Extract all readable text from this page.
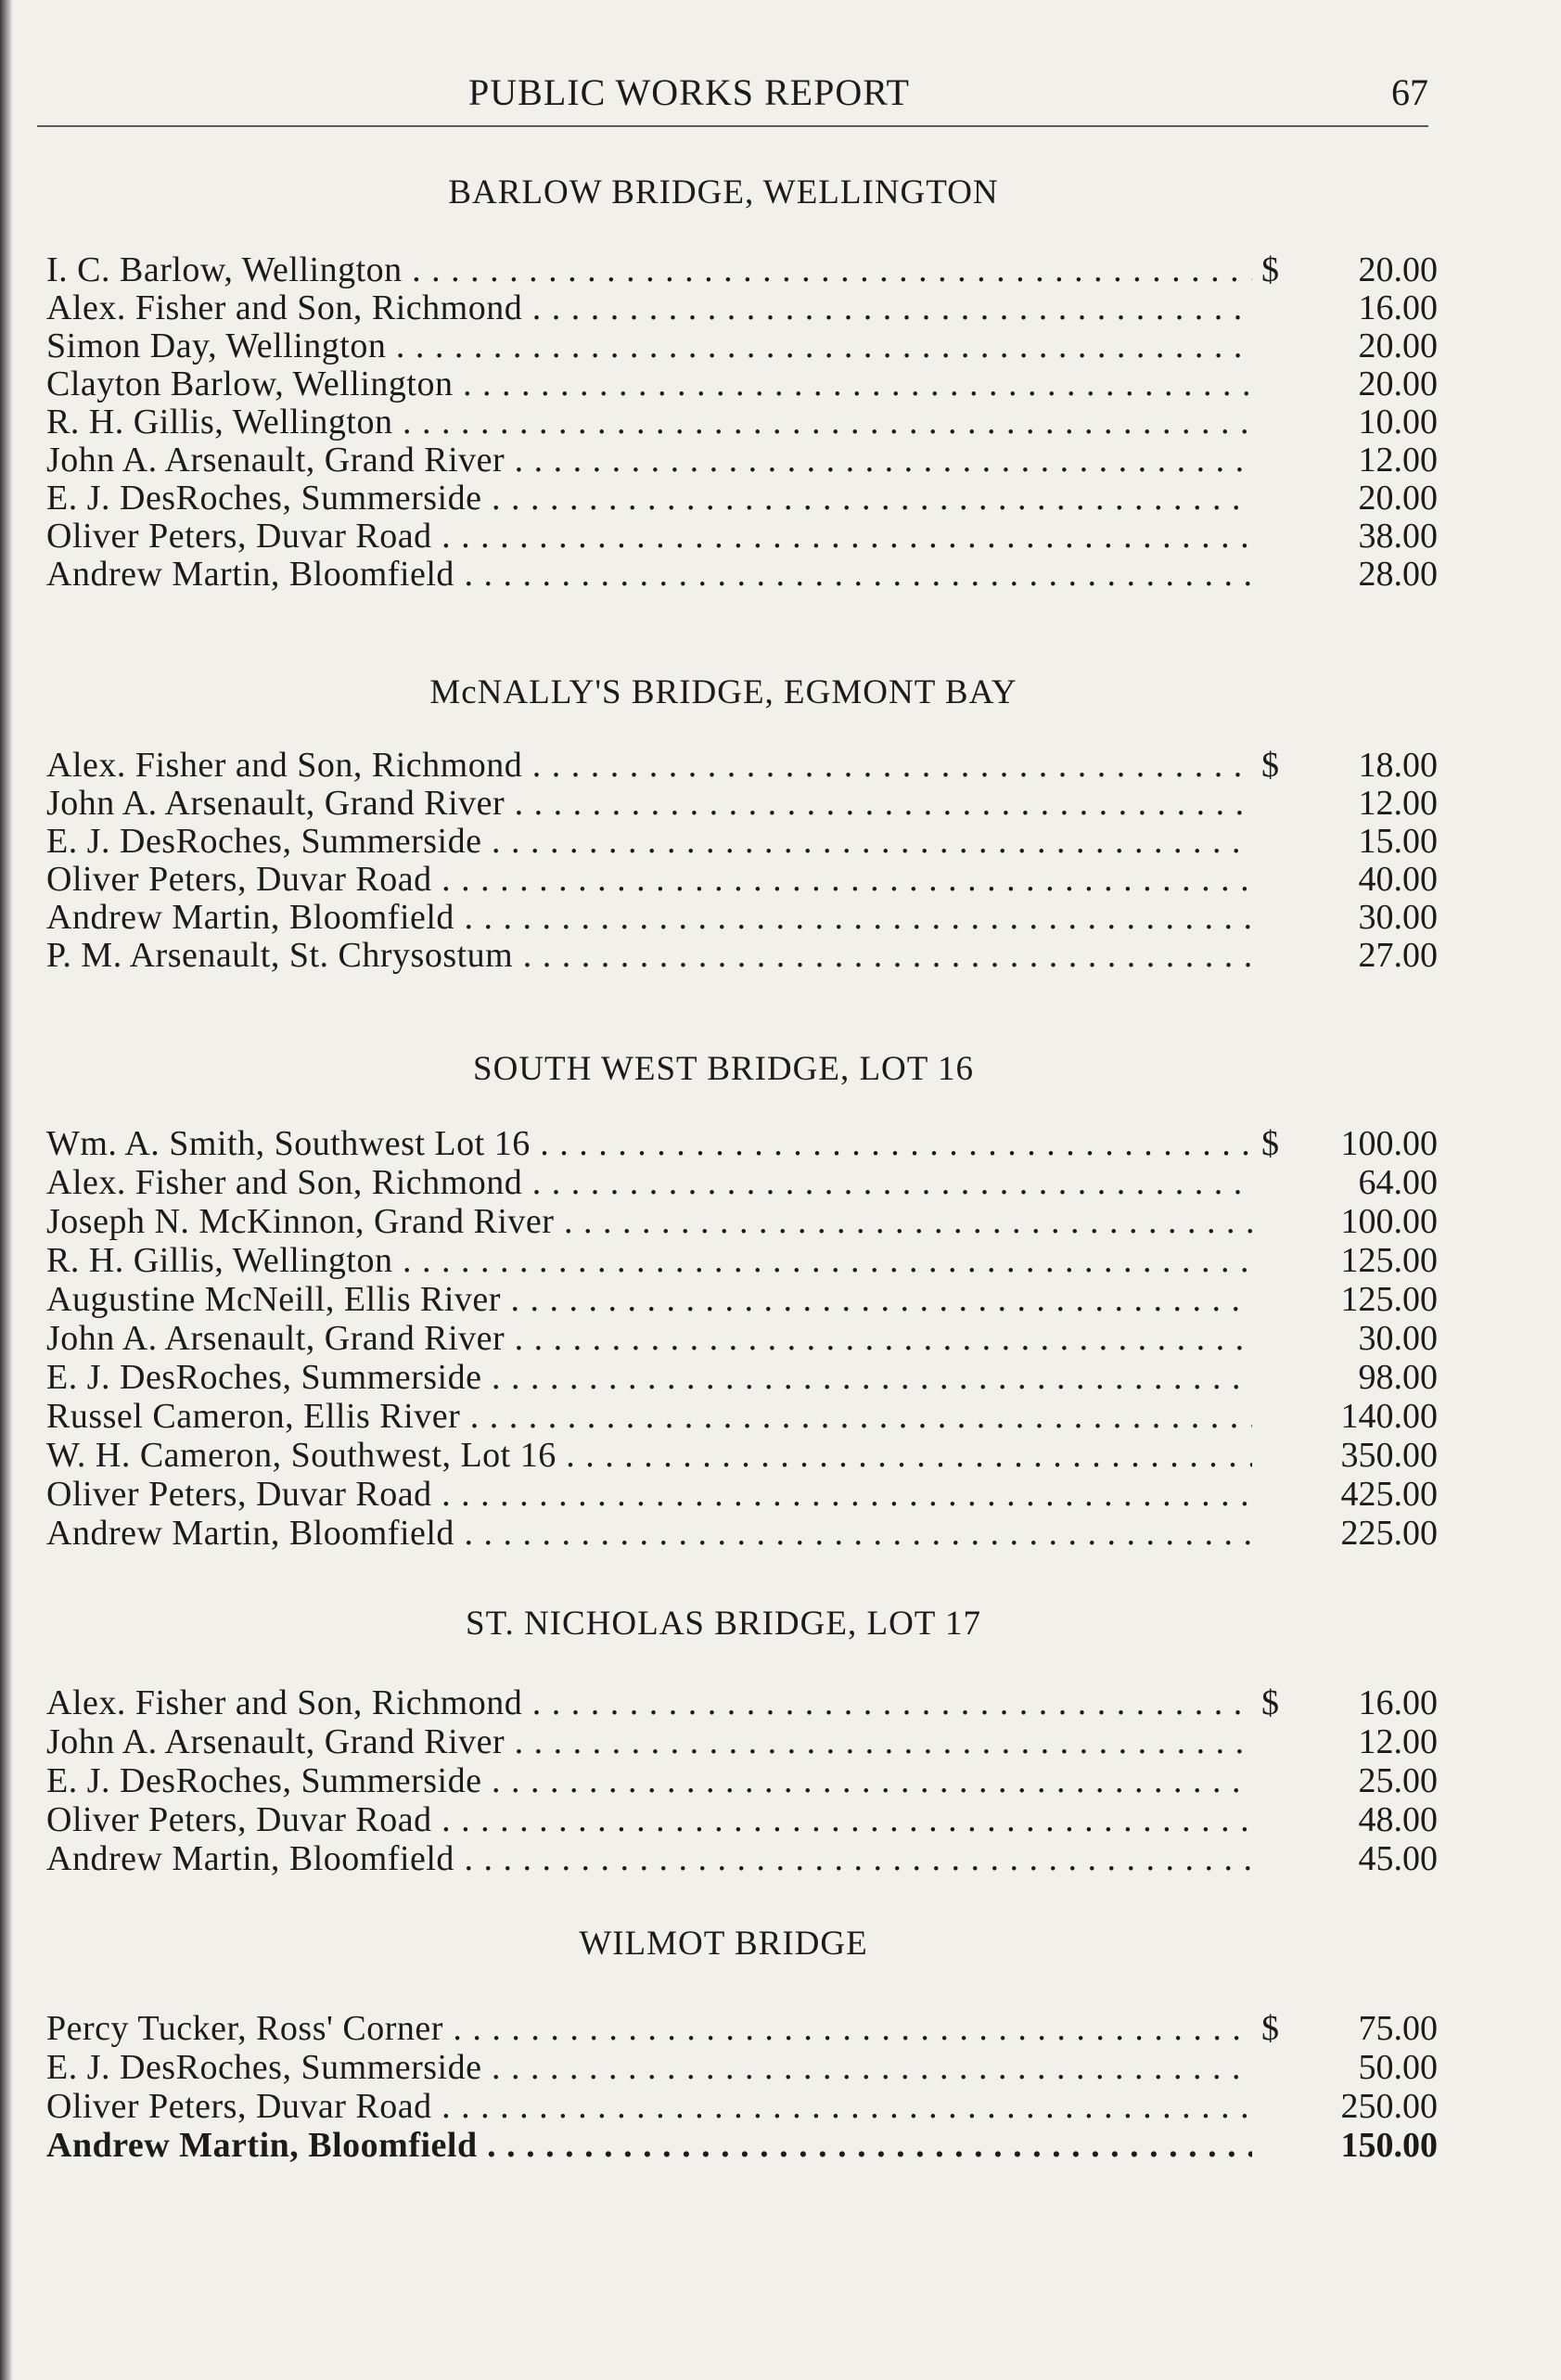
PUBLIC WORKS REPORT	67
BARLOW BRIDGE, WELLINGTON
I. C. Barlow, Wellington . . .	$	20.00
Alex. Fisher and Son, Richmond . . .	16.00
Simon Day, Wellington . . .	20.00
Clayton Barlow, Wellington . . .	20.00
R. H. Gillis, Wellington . . .	10.00
John A. Arsenault, Grand River . . .	12.00
E. J. DesRoches, Summerside . . .	20.00
Oliver Peters, Duvar Road . . .	38.00
Andrew Martin, Bloomfield . . .	28.00
McNALLY'S BRIDGE, EGMONT BAY
Alex. Fisher and Son, Richmond . . .	$	18.00
John A. Arsenault, Grand River . . .	12.00
E. J. DesRoches, Summerside . . .	15.00
Oliver Peters, Duvar Road . . .	40.00
Andrew Martin, Bloomfield . . .	30.00
P. M. Arsenault, St. Chrysostum . . .	27.00
SOUTH WEST BRIDGE, LOT 16
Wm. A. Smith, Southwest Lot 16 . . .	$	100.00
Alex. Fisher and Son, Richmond . . .	64.00
Joseph N. McKinnon, Grand River . . .	100.00
R. H. Gillis, Wellington . . .	125.00
Augustine McNeill, Ellis River . . .	125.00
John A. Arsenault, Grand River . . .	30.00
E. J. DesRoches, Summerside . . .	98.00
Russel Cameron, Ellis River . . .	140.00
W. H. Cameron, Southwest, Lot 16 . . .	350.00
Oliver Peters, Duvar Road . . .	425.00
Andrew Martin, Bloomfield . . .	225.00
ST. NICHOLAS BRIDGE, LOT 17
Alex. Fisher and Son, Richmond . . .	$	16.00
John A. Arsenault, Grand River . . .	12.00
E. J. DesRoches, Summerside . . .	25.00
Oliver Peters, Duvar Road . . .	48.00
Andrew Martin, Bloomfield . . .	45.00
WILMOT BRIDGE
Percy Tucker, Ross' Corner . . .	$	75.00
E. J. DesRoches, Summerside . . .	50.00
Oliver Peters, Duvar Road . . .	250.00
Andrew Martin, Bloomfield . . .	150.00
